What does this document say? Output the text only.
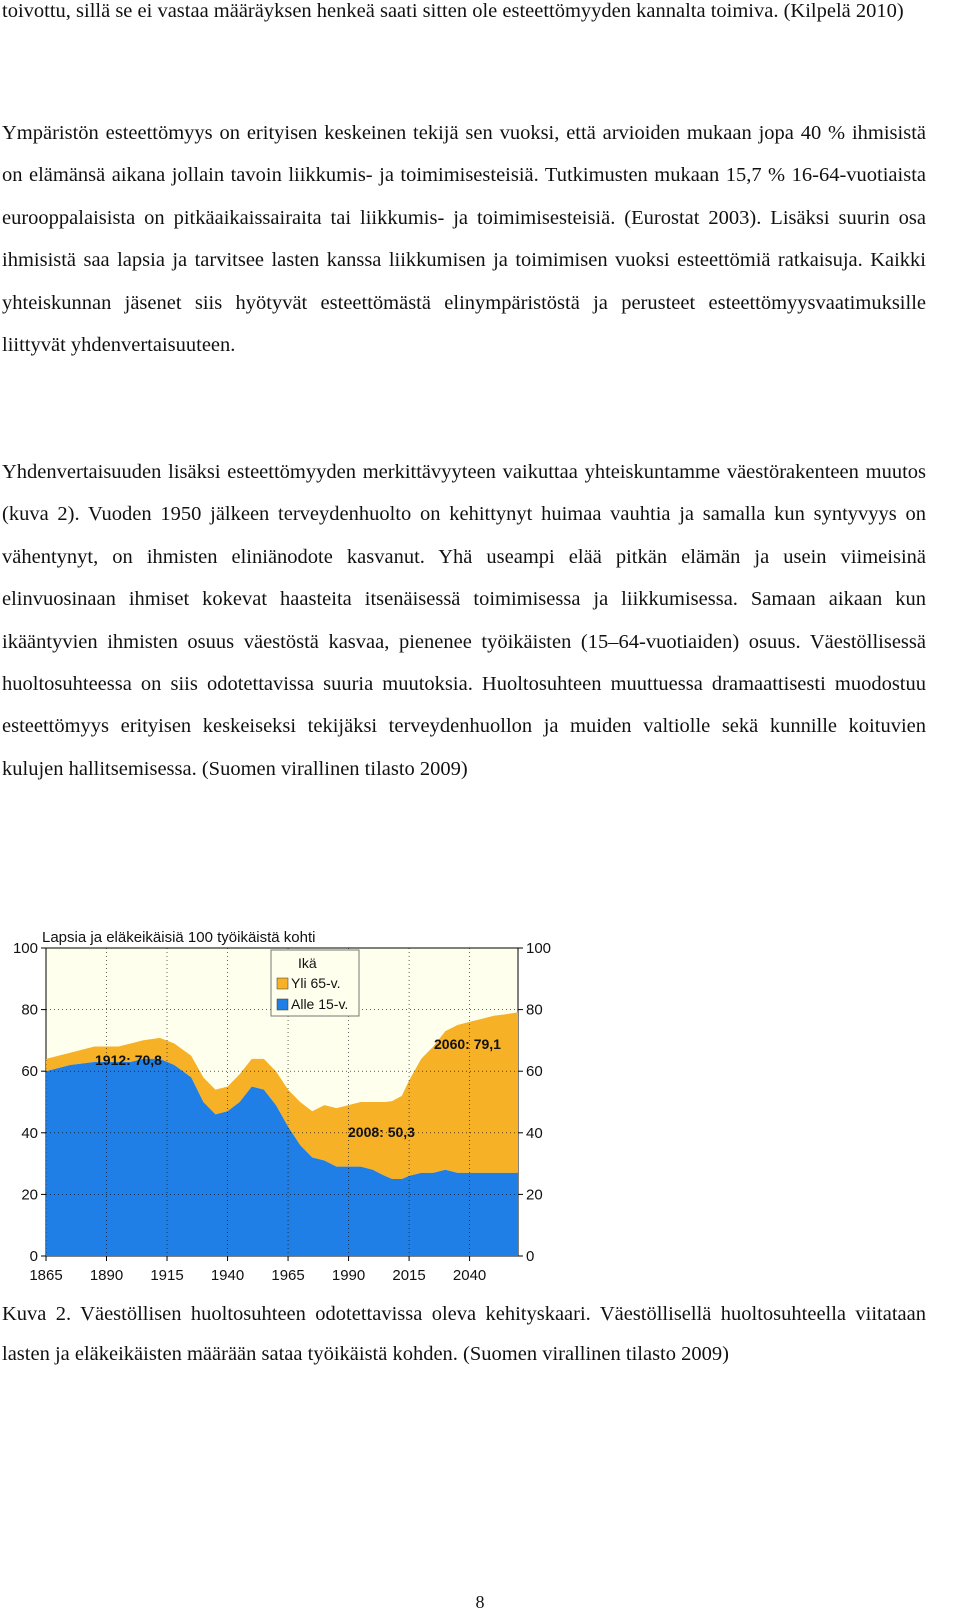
toivottu, sillä se ei vastaa määräyksen henkeä saati sitten ole esteettömyyden kannalta toimiva. (Kilpelä 2010)

Ympäristön esteettömyys on erityisen keskeinen tekijä sen vuoksi, että arvioiden mukaan jopa 40 % ihmisistä on elämänsä aikana jollain tavoin liikkumis- ja toimimisesteisiä. Tutkimusten mukaan 15,7 % 16-64-vuotiaista eurooppalaisista on pitkäaikaissairaita tai liikkumis- ja toimimisesteisiä. (Eurostat 2003). Lisäksi suurin osa ihmisistä saa lapsia ja tarvitsee lasten kanssa liikkumisen ja toimimisen vuoksi esteettömiä ratkaisuja. Kaikki yhteiskunnan jäsenet siis hyötyvät esteettömästä elinympäristöstä ja perusteet esteettömyysvaatimuksille liittyvät yhdenvertaisuuteen.

Yhdenvertaisuuden lisäksi esteettömyyden merkittävyyteen vaikuttaa yhteiskuntamme väestörakenteen muutos (kuva 2). Vuoden 1950 jälkeen terveydenhuolto on kehittynyt huimaa vauhtia ja samalla kun syntyvyys on vähentynyt, on ihmisten eliniänodote kasvanut. Yhä useampi elää pitkän elämän ja usein viimeisinä elinvuosinaan ihmiset kokevat haasteita itsenäisessä toimimisessa ja liikkumisessa. Samaan aikaan kun ikääntyvien ihmisten osuus väestöstä kasvaa, pienenee työikäisten (15–64-vuotiaiden) osuus. Väestöllisessä huoltosuhteessa on siis odotettavissa suuria muutoksia. Huoltosuhteen muuttuessa dramaattisesti muodostuu esteettömyys erityisen keskeiseksi tekijäksi terveydenhuollon ja muiden valtiolle sekä kunnille koituvien kulujen hallitsemisessa. (Suomen virallinen tilasto 2009)

0
20
40
60
80
100
0
20
40
60
80
100
1865 1890 1915 1940 1965 1990 2015 2040
Lapsia ja eläkeikäisiä 100 työikäistä kohti
Ikä
Yli 65-v.
Alle 15-v.
1912: 70,8
2008: 50,3
2060: 79,1

Kuva 2. Väestöllisen huoltosuhteen odotettavissa oleva kehityskaari. Väestöllisellä huoltosuhteella viitataan lasten ja eläkeikäisten määrään sataa työikäistä kohden. (Suomen virallinen tilasto 2009)

8
